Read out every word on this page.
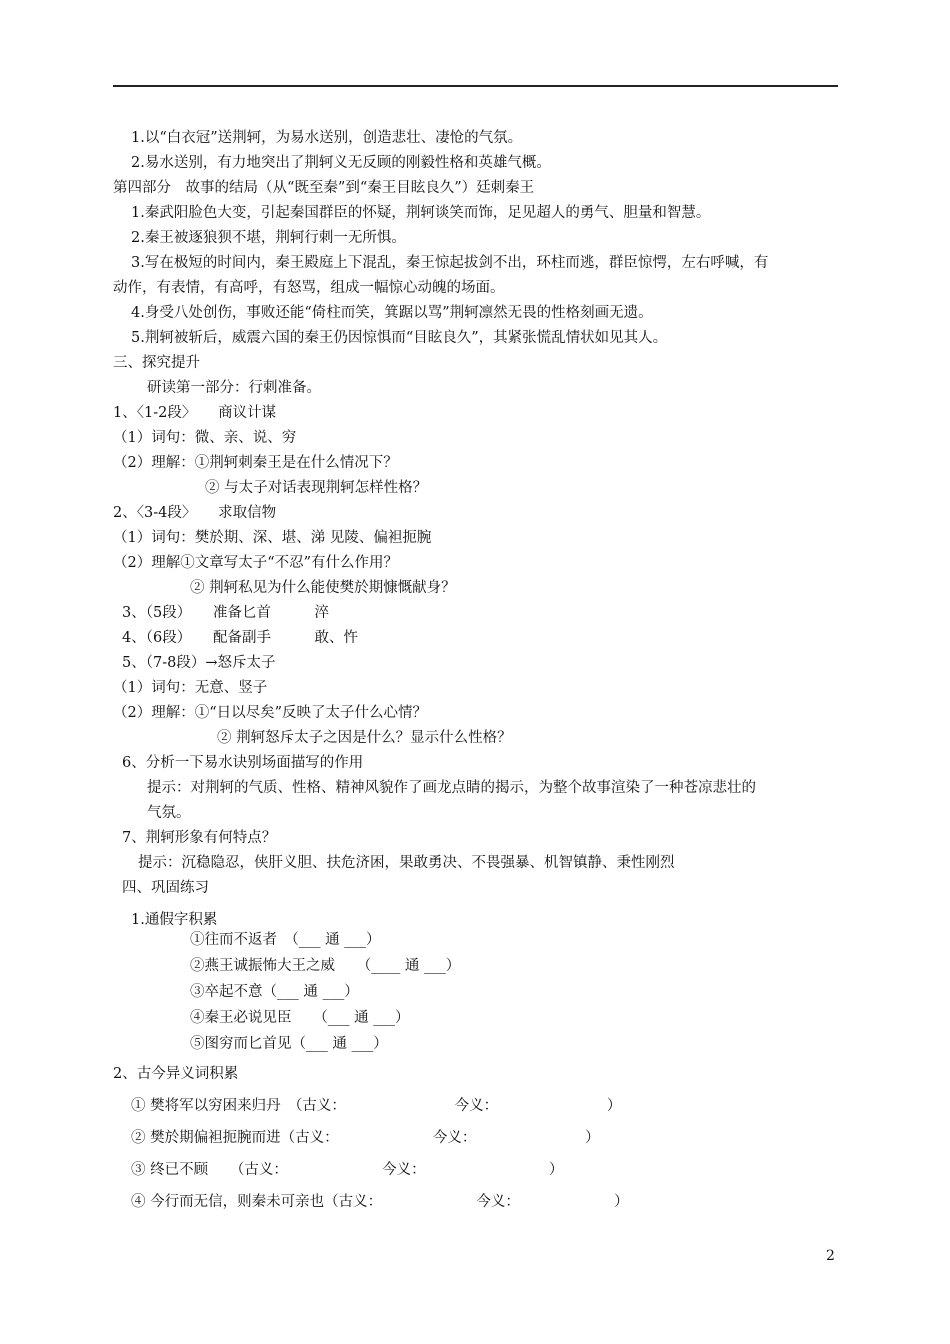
1.以“白衣冠”送荆轲，为易水送别，创造悲壮、凄怆的气氛。
2.易水送别，有力地突出了荆轲义无反顾的刚毅性格和英雄气概。
第四部分　故事的结局（从“既至秦”到“秦王目眩良久”）廷刺秦王
1.秦武阳脸色大变，引起秦国群臣的怀疑，荆轲谈笑而饰，足见超人的勇气、胆量和智慧。
2.秦王被逐狼狈不堪，荆轲行刺一无所惧。
3.写在极短的时间内，秦王殿庭上下混乱，秦王惊起拔剑不出，环柱而逃，群臣惊愕，左右呼喊，有
动作，有表情，有高呼，有怒骂，组成一幅惊心动魄的场面。
4.身受八处创伤，事败还能“倚柱而笑，箕踞以骂”荆轲凛然无畏的性格刻画无遗。
5.荆轲被斩后，威震六国的秦王仍因惊惧而“目眩良久”，其紧张慌乱情状如见其人。
三、探究提升
研读第一部分：行刺准备。
1、〈1-2段〉　　商议计谋
（1）词句：微、亲、说、穷
（2）理解：①荆轲刺秦王是在什么情况下？
② 与太子对话表现荆轲怎样性格？
2、〈3-4段〉　　求取信物
（1）词句：樊於期、深、堪、涕 见陵、偏袒扼腕
（2）理解①文章写太子“不忍”有什么作用？
② 荆轲私见为什么能使樊於期慷慨献身？
3、（5段）　　准备匕首　　　淬
4、（6段）　　配备副手　　　敢、忤
5、（7-8段）→怒斥太子
（1）词句：无意、竖子
（2）理解：①“日以尽矣”反映了太子什么心情？
② 荆轲怒斥太子之因是什么？显示什么性格？
6、分析一下易水诀别场面描写的作用
提示：对荆轲的气质、性格、精神风貌作了画龙点睛的揭示，为整个故事渲染了一种苍凉悲壮的
气氛。
7、荆轲形象有何特点？
提示：沉稳隐忍，侠肝义胆、扶危济困，果敢勇决、不畏强暴、机智镇静、秉性刚烈
四、巩固练习
1.通假字积累
①往而不返者　（___ 通 ___）
②燕王诚振怖大王之威　　（____ 通 ___）
③卒起不意（___ 通 ___）
④秦王必说见臣　　（___ 通 ___）
⑤图穷而匕首见（___ 通 ___）
2、古今异义词积累
① 樊将军以穷困来归丹　（古义：　　　　　　　　今义：　　　　　　　　）
② 樊於期偏袒扼腕而进（古义：　　　　　　　今义：　　　　　　　　）
③ 终已不顾　　（古义：　　　　　　　今义：　　　　　　　　　）
④ 今行而无信，则秦未可亲也（古义：　　　　　　　今义：　　　　　　　）
2
